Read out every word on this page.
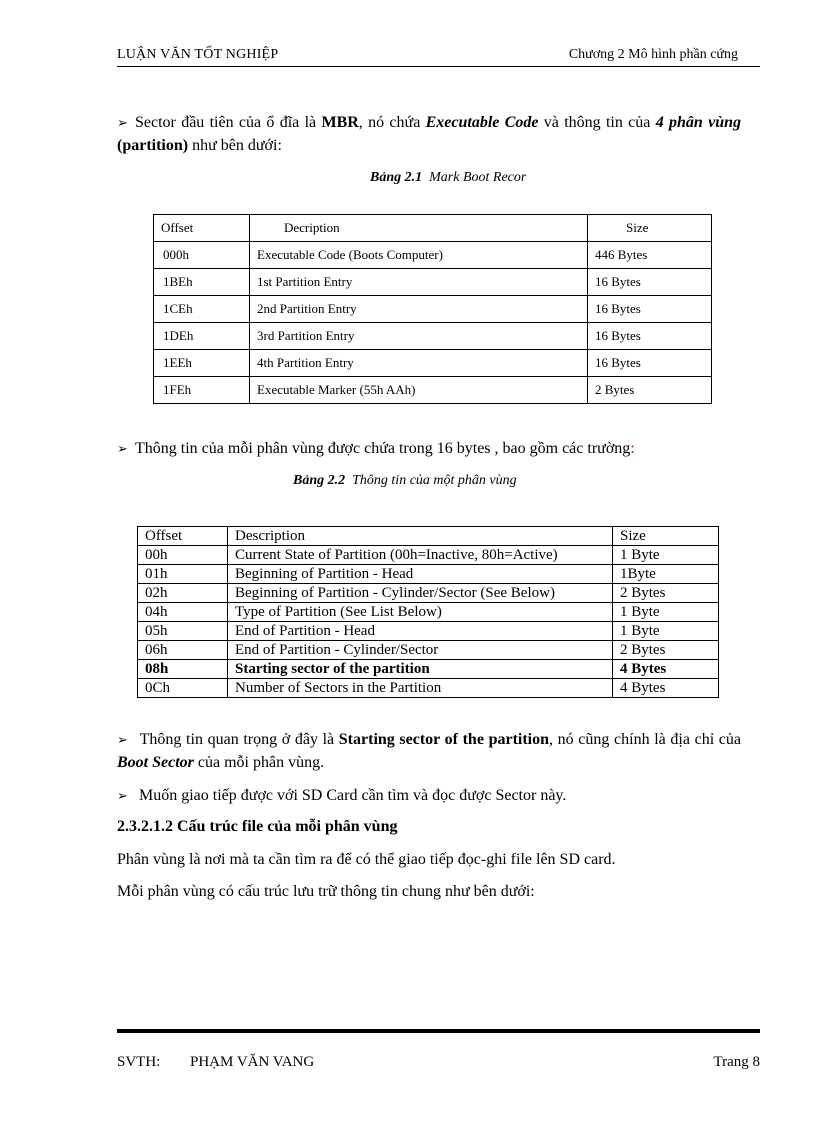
LUẬN VĂN TỐT NGHIỆP	Chương 2 Mô hình phần cứng
➢ Sector đầu tiên của ổ đĩa là MBR, nó chứa Executable Code và thông tin của 4 phân vùng (partition) như bên dưới:
Bảng 2.1 Mark Boot Recor
Offset	Decription	Size
000h	Executable Code (Boots Computer)	446 Bytes
1BEh	1st Partition Entry	16 Bytes
1CEh	2nd Partition Entry	16 Bytes
1DEh	3rd Partition Entry	16 Bytes
1EEh	4th Partition Entry	16 Bytes
1FEh	Executable Marker (55h AAh)	2 Bytes
➢ Thông tin của mỗi phân vùng được chứa trong 16 bytes , bao gồm các trường:
Bảng 2.2 Thông tin của một phân vùng
Offset	Description	Size
00h	Current State of Partition (00h=Inactive, 80h=Active)	1 Byte
01h	Beginning of Partition - Head	1Byte
02h	Beginning of Partition - Cylinder/Sector (See Below)	2 Bytes
04h	Type of Partition (See List Below)	1 Byte
05h	End of Partition - Head	1 Byte
06h	End of Partition - Cylinder/Sector	2 Bytes
08h	Starting sector of the partition	4 Bytes
0Ch	Number of Sectors in the Partition	4 Bytes
➢ Thông tin quan trọng ở đây là Starting sector of the partition, nó cũng chính là địa chỉ của Boot Sector của mỗi phân vùng.
➢ Muốn giao tiếp được với SD Card cần tìm và đọc được Sector này.
2.3.2.1.2 Cấu trúc file của mỗi phân vùng
Phân vùng là nơi mà ta cần tìm ra để có thể giao tiếp đọc-ghi file lên SD card.
Mỗi phân vùng có cấu trúc lưu trữ thông tin chung như bên dưới:
SVTH: PHẠM VĂN VANG	Trang 8
